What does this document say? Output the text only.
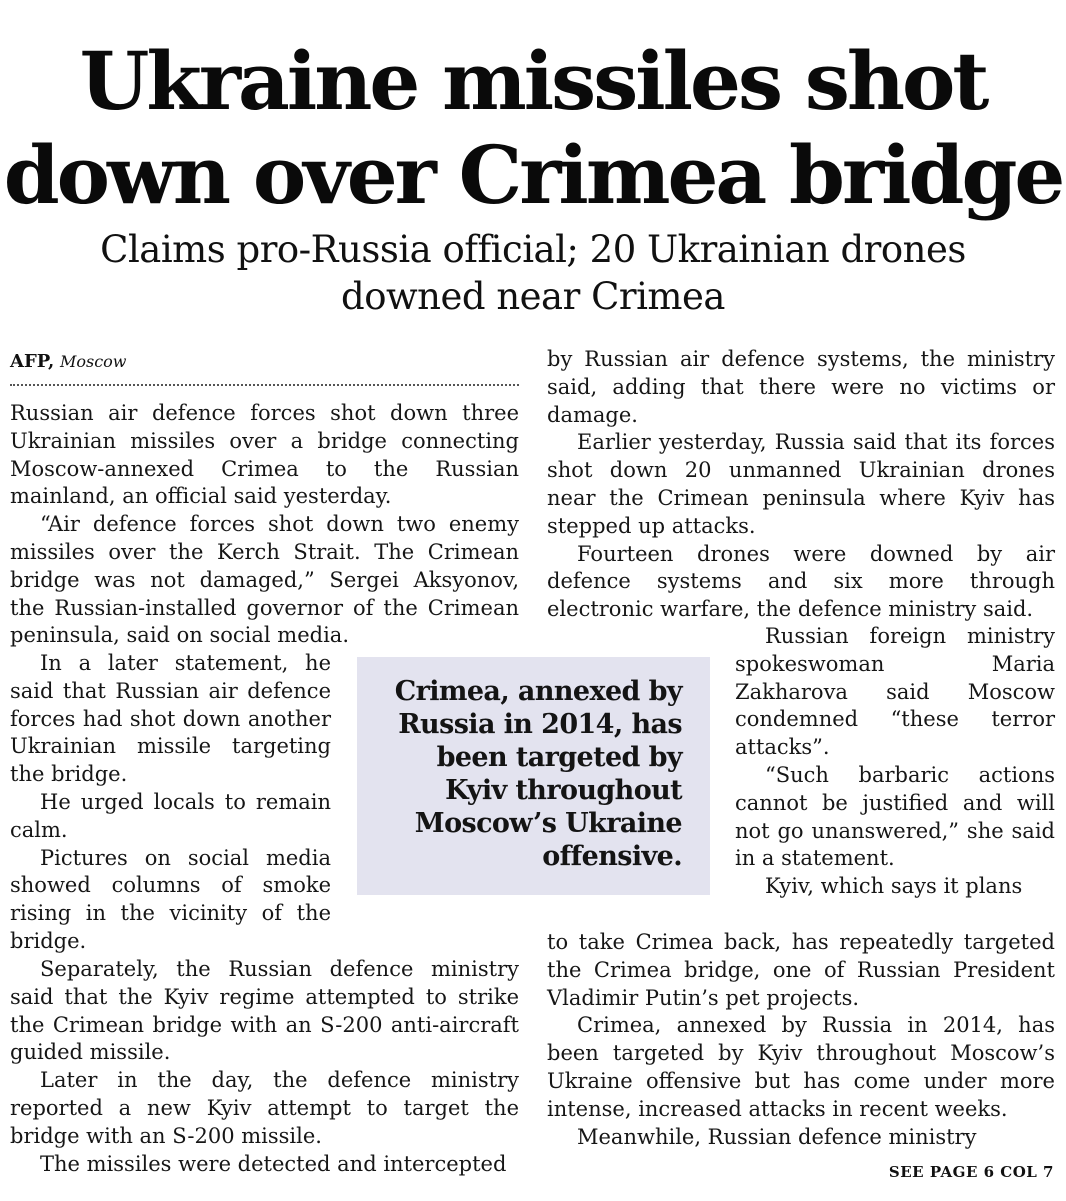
Ukraine missiles shot
down over Crimea bridge
Claims pro-Russia official; 20 Ukrainian drones
downed near Crimea
AFP, Moscow

Russian air defence forces shot down three Ukrainian missiles over a bridge connecting Moscow-annexed Crimea to the Russian mainland, an official said yesterday.

“Air defence forces shot down two enemy missiles over the Kerch Strait. The Crimean bridge was not damaged,” Sergei Aksyonov, the Russian-installed governor of the Crimean peninsula, said on social media.

In a later statement, he said that Russian air defence forces had shot down another Ukrainian missile targeting the bridge.

He urged locals to remain calm.

Pictures on social media showed columns of smoke rising in the vicinity of the bridge.

Separately, the Russian defence ministry said that the Kyiv regime attempted to strike the Crimean bridge with an S-200 anti-aircraft guided missile.

Later in the day, the defence ministry reported a new Kyiv attempt to target the bridge with an S-200 missile.

The missiles were detected and intercepted

Crimea, annexed by Russia in 2014, has been targeted by Kyiv throughout Moscow’s Ukraine offensive.

by Russian air defence systems, the ministry said, adding that there were no victims or damage.

Earlier yesterday, Russia said that its forces shot down 20 unmanned Ukrainian drones near the Crimean peninsula where Kyiv has stepped up attacks.

Fourteen drones were downed by air defence systems and six more through electronic warfare, the defence ministry said.

Russian foreign ministry spokeswoman Maria Zakharova said Moscow condemned “these terror attacks”.

“Such barbaric actions cannot be justified and will not go unanswered,” she said in a statement.

Kyiv, which says it plans

to take Crimea back, has repeatedly targeted the Crimea bridge, one of Russian President Vladimir Putin’s pet projects.

Crimea, annexed by Russia in 2014, has been targeted by Kyiv throughout Moscow’s Ukraine offensive but has come under more intense, increased attacks in recent weeks.

Meanwhile, Russian defence ministry

SEE PAGE 6 COL 7
